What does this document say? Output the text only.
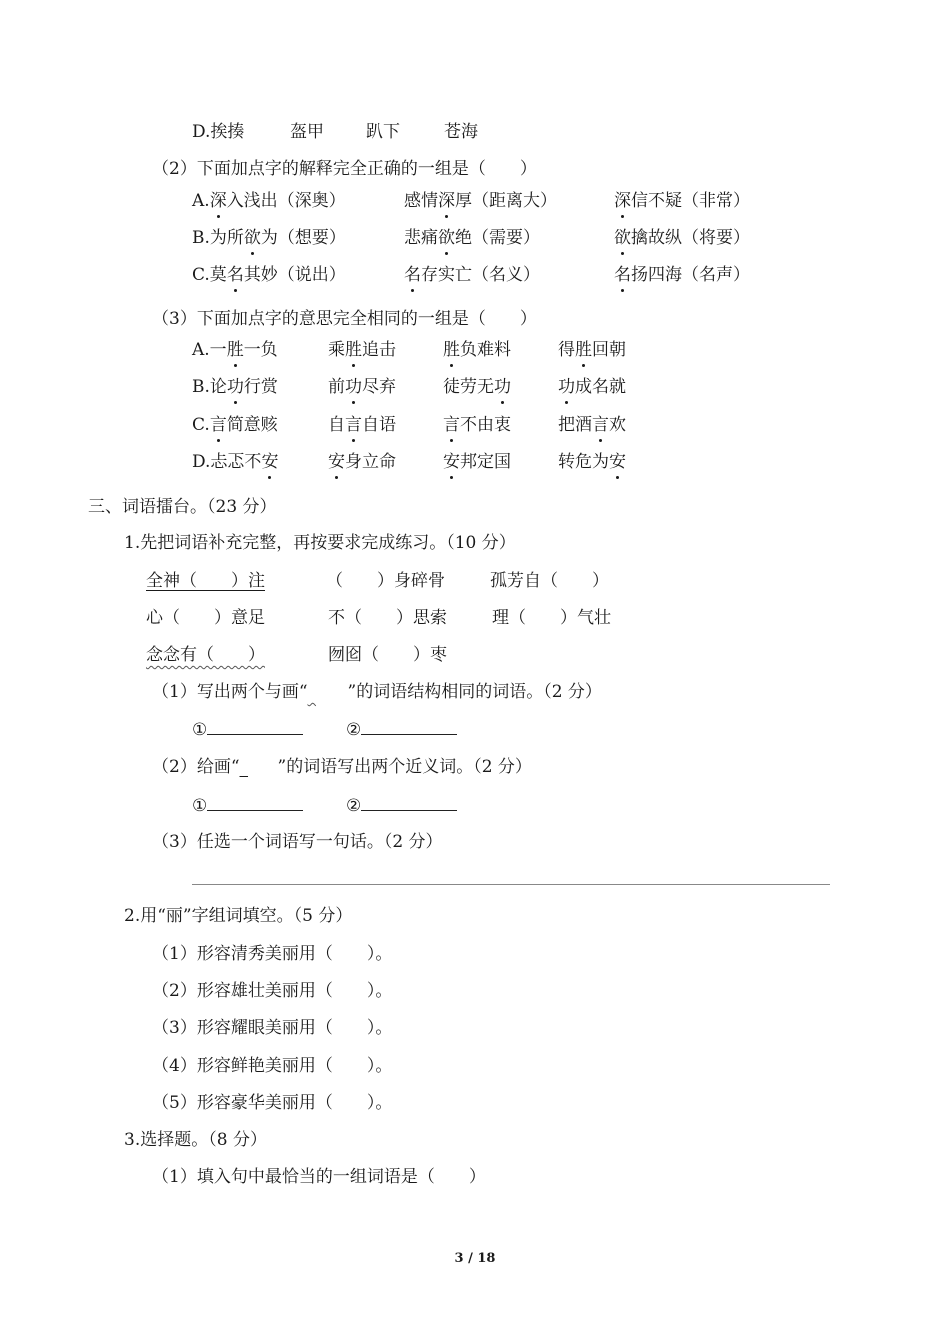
D.挨揍	盔甲 趴下	苍海
（2）下面加点字的解释完全正确的一组是（　　）
A.深入浅出（深奥）	感情深厚（距离大）	深信不疑（非常）
B.为所欲为（想要）	悲痛欲绝（需要）	欲擒故纵（将要）
C.莫名其妙（说出）	名存实亡（名义）	名扬四海（名声）
（3）下面加点字的意思完全相同的一组是（　　）
A.一胜一负	乘胜追击	胜负难料	得胜回朝
B.论功行赏	前功尽弃	徒劳无功	功成名就
C.言简意赅	自言自语	言不由衷	把酒言欢
D.忐忑不安	安身立命	安邦定国	转危为安
三、词语擂台。（23 分）
1.先把词语补充完整，再按要求完成练习。（10 分）
全神（　　）注	（　　）身碎骨	孤芳自（　　）
心（　　）意足	不（　　）思索	理（　　）气壮
念念有（　　）	囫囵（　　）枣
（1）写出两个与画“  ”的词语结构相同的词语。（2 分）
①	②
（2）给画“  ”的词语写出两个近义词。（2 分）
①	②
（3）任选一个词语写一句话。（2 分）
2.用“丽”字组词填空。（5 分）
（1）形容清秀美丽用（　　）。
（2）形容雄壮美丽用（　　）。
（3）形容耀眼美丽用（　　）。
（4）形容鲜艳美丽用（　　）。
（5）形容豪华美丽用（　　）。
3.选择题。（8 分）
（1）填入句中最恰当的一组词语是（　　）
3 / 18
